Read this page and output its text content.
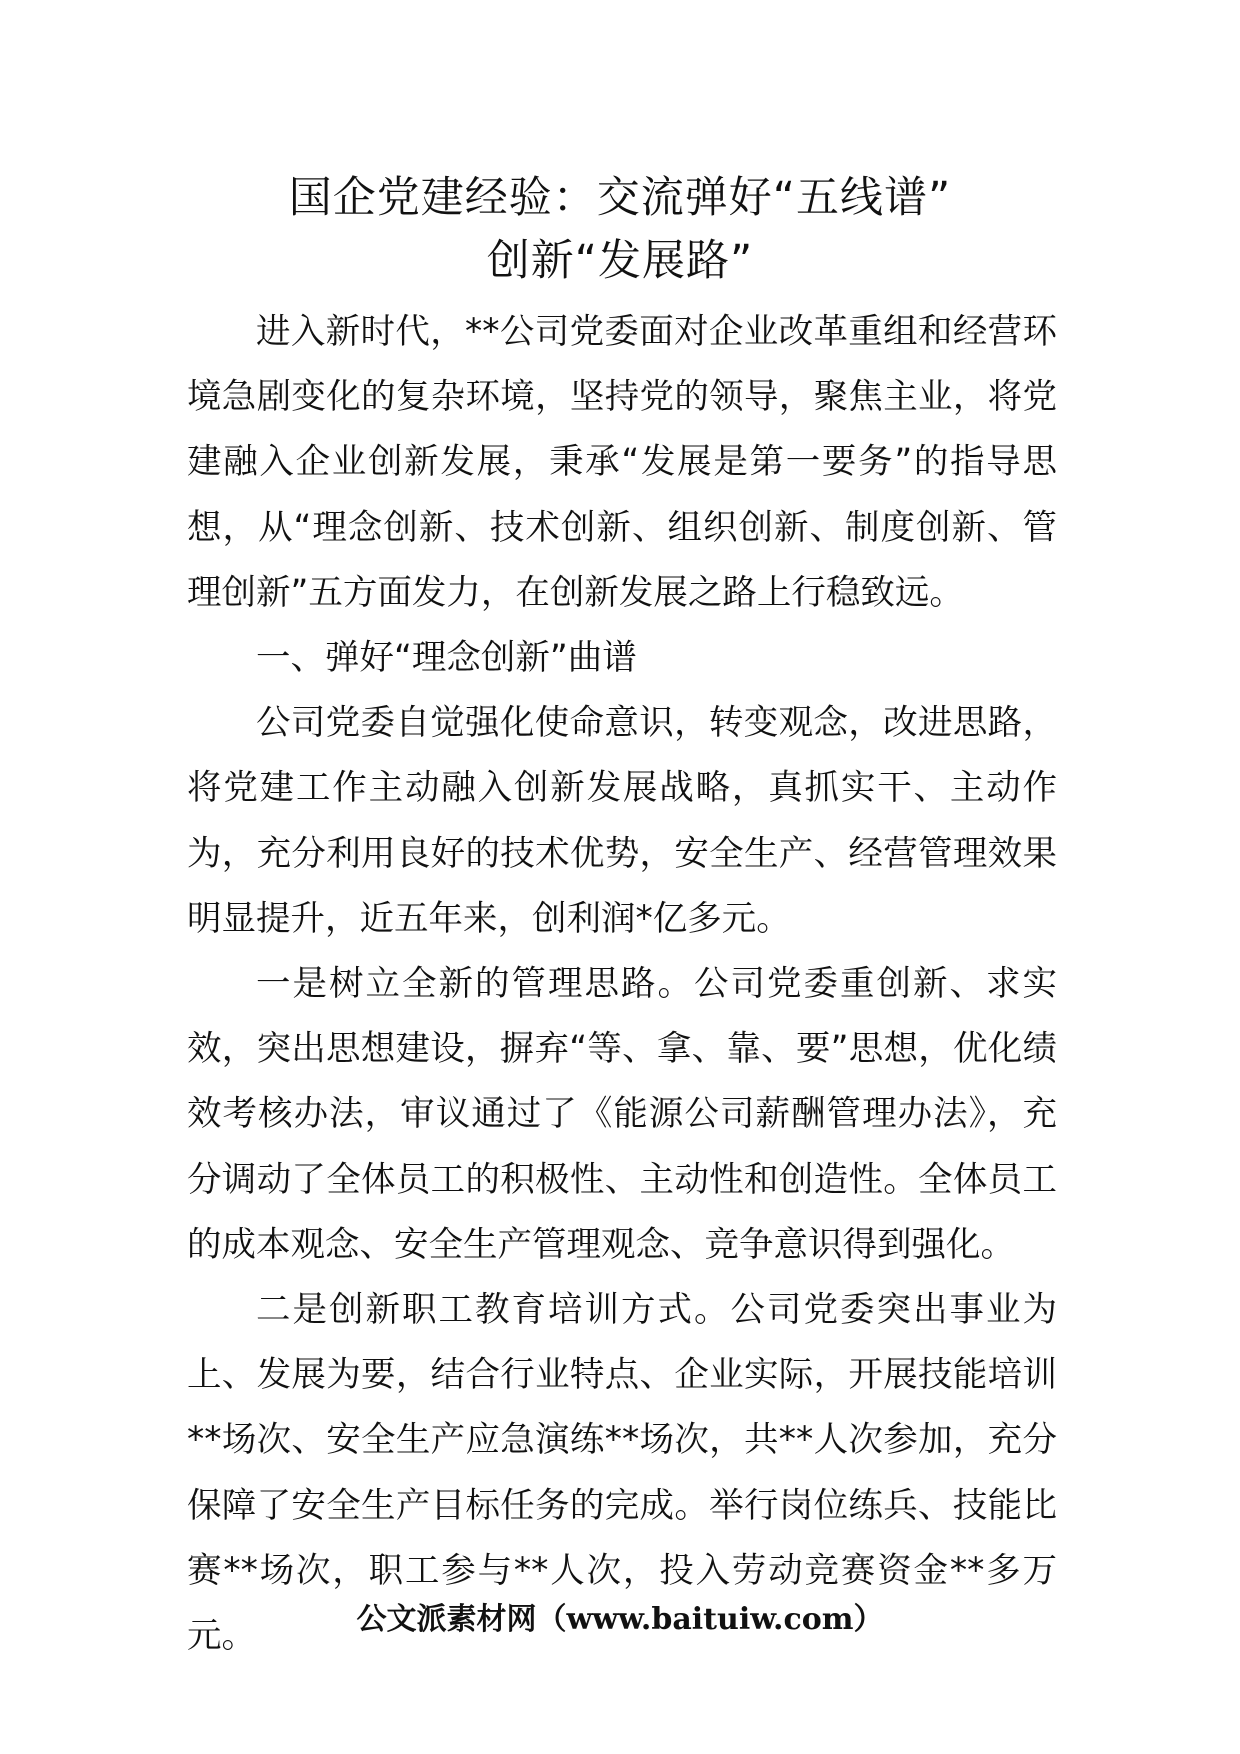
国企党建经验：交流弹好“五线谱”
创新“发展路”

进入新时代，**公司党委面对企业改革重组和经营环境急剧变化的复杂环境，坚持党的领导，聚焦主业，将党建融入企业创新发展，秉承“发展是第一要务”的指导思想，从“理念创新、技术创新、组织创新、制度创新、管理创新”五方面发力，在创新发展之路上行稳致远。

一、弹好“理念创新”曲谱

公司党委自觉强化使命意识，转变观念，改进思路，将党建工作主动融入创新发展战略，真抓实干、主动作为，充分利用良好的技术优势，安全生产、经营管理效果明显提升，近五年来，创利润*亿多元。

一是树立全新的管理思路。公司党委重创新、求实效，突出思想建设，摒弃“等、拿、靠、要”思想，优化绩效考核办法，审议通过了《能源公司薪酬管理办法》，充分调动了全体员工的积极性、主动性和创造性。全体员工的成本观念、安全生产管理观念、竞争意识得到强化。

二是创新职工教育培训方式。公司党委突出事业为上、发展为要，结合行业特点、企业实际，开展技能培训**场次、安全生产应急演练**场次，共**人次参加，充分保障了安全生产目标任务的完成。举行岗位练兵、技能比赛**场次，职工参与**人次，投入劳动竞赛资金**多万元。	公文派素材网（www.baituiw.com）
